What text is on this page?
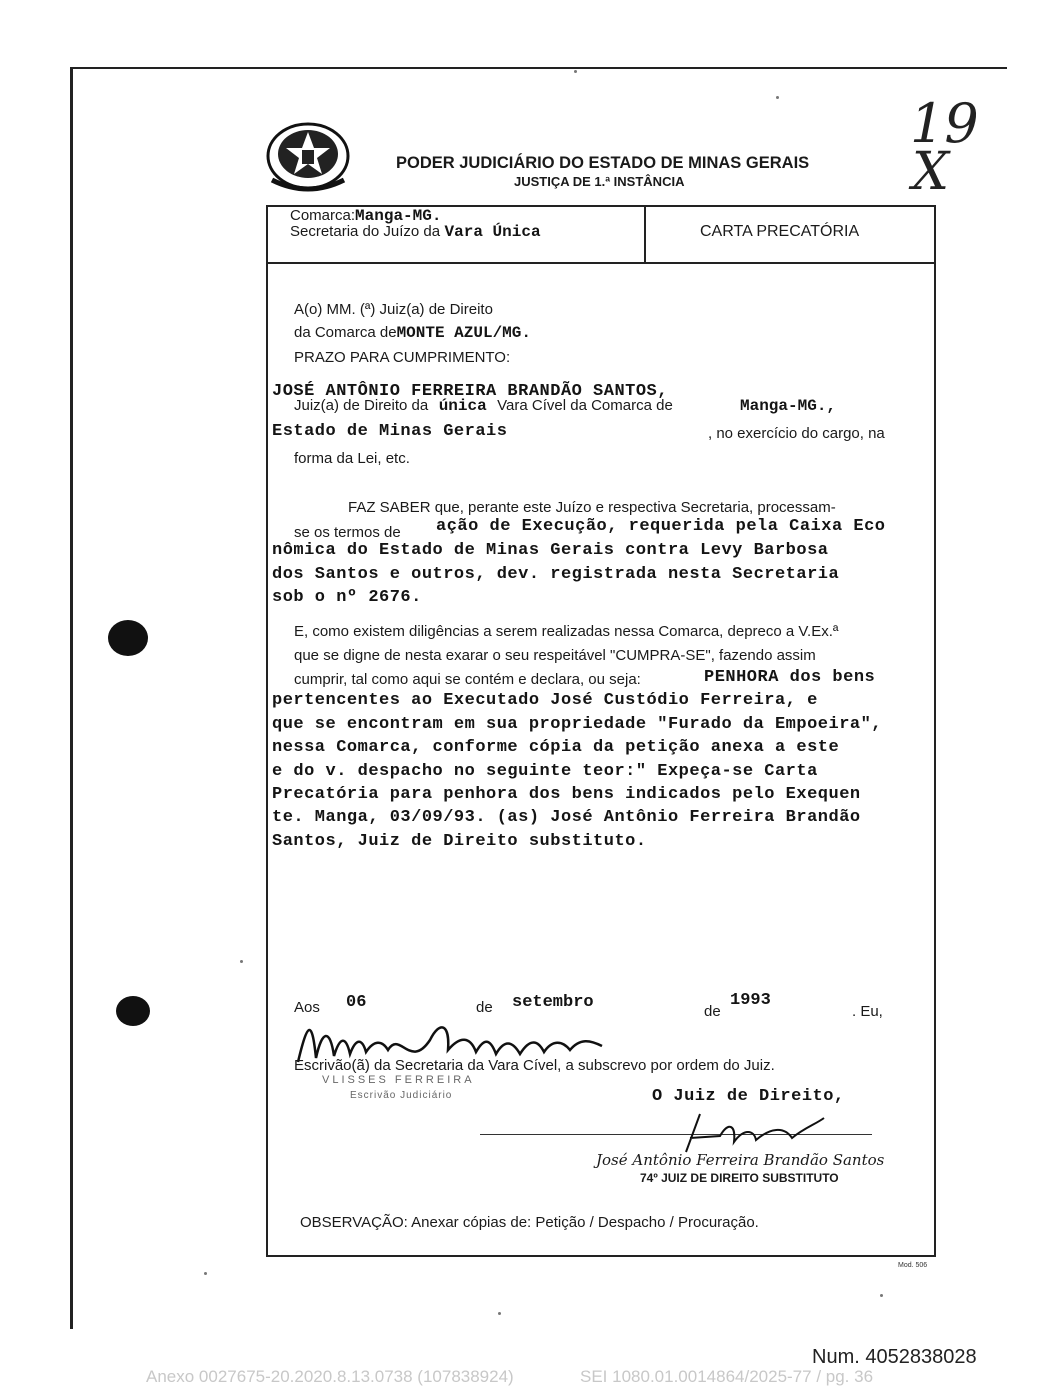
PODER JUDICIÁRIO DO ESTADO DE MINAS GERAIS
JUSTIÇA DE 1.ª INSTÂNCIA
19
X
Comarca:Manga-MG.
Secretaria do Juízo da Vara Única	CARTA PRECATÓRIA
A(o) MM. (ª) Juiz(a) de Direito
da Comarca deMONTE AZUL/MG.
PRAZO PARA CUMPRIMENTO:
JOSÉ ANTÔNIO FERREIRA BRANDÃO SANTOS,
Juiz(a) de Direito da única Vara Cível da Comarca de	Manga-MG.,
Estado de Minas Gerais	, no exercício do cargo, na
forma da Lei, etc.
FAZ SABER que, perante este Juízo e respectiva Secretaria, processam-
se os termos de ação de Execução, requerida pela Caixa Eco
nômica do Estado de Minas Gerais contra Levy Barbosa
dos Santos e outros, dev. registrada nesta Secretaria
sob o nº 2676.
E, como existem diligências a serem realizadas nessa Comarca, depreco a V.Ex.ª
que se digne de nesta exarar o seu respeitável "CUMPRA-SE", fazendo assim
cumprir, tal como aqui se contém e declara, ou seja:	PENHORA dos bens
pertencentes ao Executado José Custódio Ferreira, e
que se encontram em sua propriedade "Furado da Empoeira",
nessa Comarca, conforme cópia da petição anexa a este
e do v. despacho no seguinte teor:" Expeça-se Carta
Precatória para penhora dos bens indicados pelo Exequen
te. Manga, 03/09/93. (as) José Antônio Ferreira Brandão
Santos, Juiz de Direito substituto.
Aos 06	de setembro	de
1993
. Eu,
Escrivão(ã) da Secretaria da Vara Cível, a subscrevo por ordem do Juiz.
VLISSES FERREIRA
Escrivão Judiciário	O Juiz de Direito,
José Antônio Ferreira Brandão Santos
74º JUIZ DE DIREITO SUBSTITUTO
OBSERVAÇÃO: Anexar cópias de: Petição / Despacho / Procuração.
Mod. 506
Num. 4052838028
Anexo 0027675-20.2020.8.13.0738 (107838924)	SEI 1080.01.0014864/2025-77 / pg. 36
